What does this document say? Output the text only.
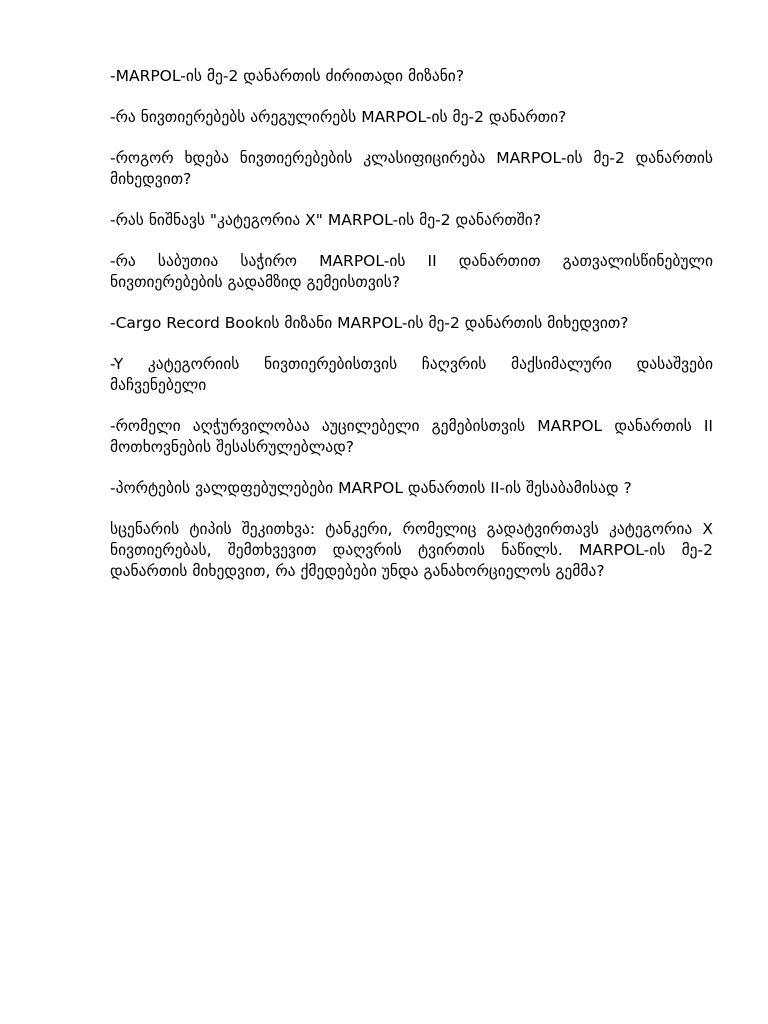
-MARPOL-ის მე-2 დანართის ძირითადი მიზანი?

-რა ნივთიერებებს არეგულირებს MARPOL-ის მე-2 დანართი?

-როგორ ხდება ნივთიერებების კლასიფიცირება MARPOL-ის მე-2 დანართის მიხედვით?

-რას ნიშნავს "კატეგორია X" MARPOL-ის მე-2 დანართში?

-რა საბუთია საჭირო MARPOL-ის II დანართით გათვალისწინებული ნივთიერებების გადამზიდ გემეისთვის?

-Cargo Record Bookის მიზანი MARPOL-ის მე-2 დანართის მიხედვით?

-Y კატეგორიის ნივთიერებისთვის ჩაღვრის მაქსიმალური დასაშვები მაჩვენებელი

-რომელი აღჭურვილობაა აუცილებელი გემებისთვის MARPOL დანართის II მოთხოვნების შესასრულებლად?

-პორტების ვალდფებულებები MARPOL დანართის II-ის შესაბამისად ?

სცენარის ტიპის შეკითხვა: ტანკერი, რომელიც გადატვირთავს კატეგორია X ნივთიერებას, შემთხვევით დაღვრის ტვირთის ნაწილს. MARPOL-ის მე-2 დანართის მიხედვით, რა ქმედებები უნდა განახორციელოს გემმა?
